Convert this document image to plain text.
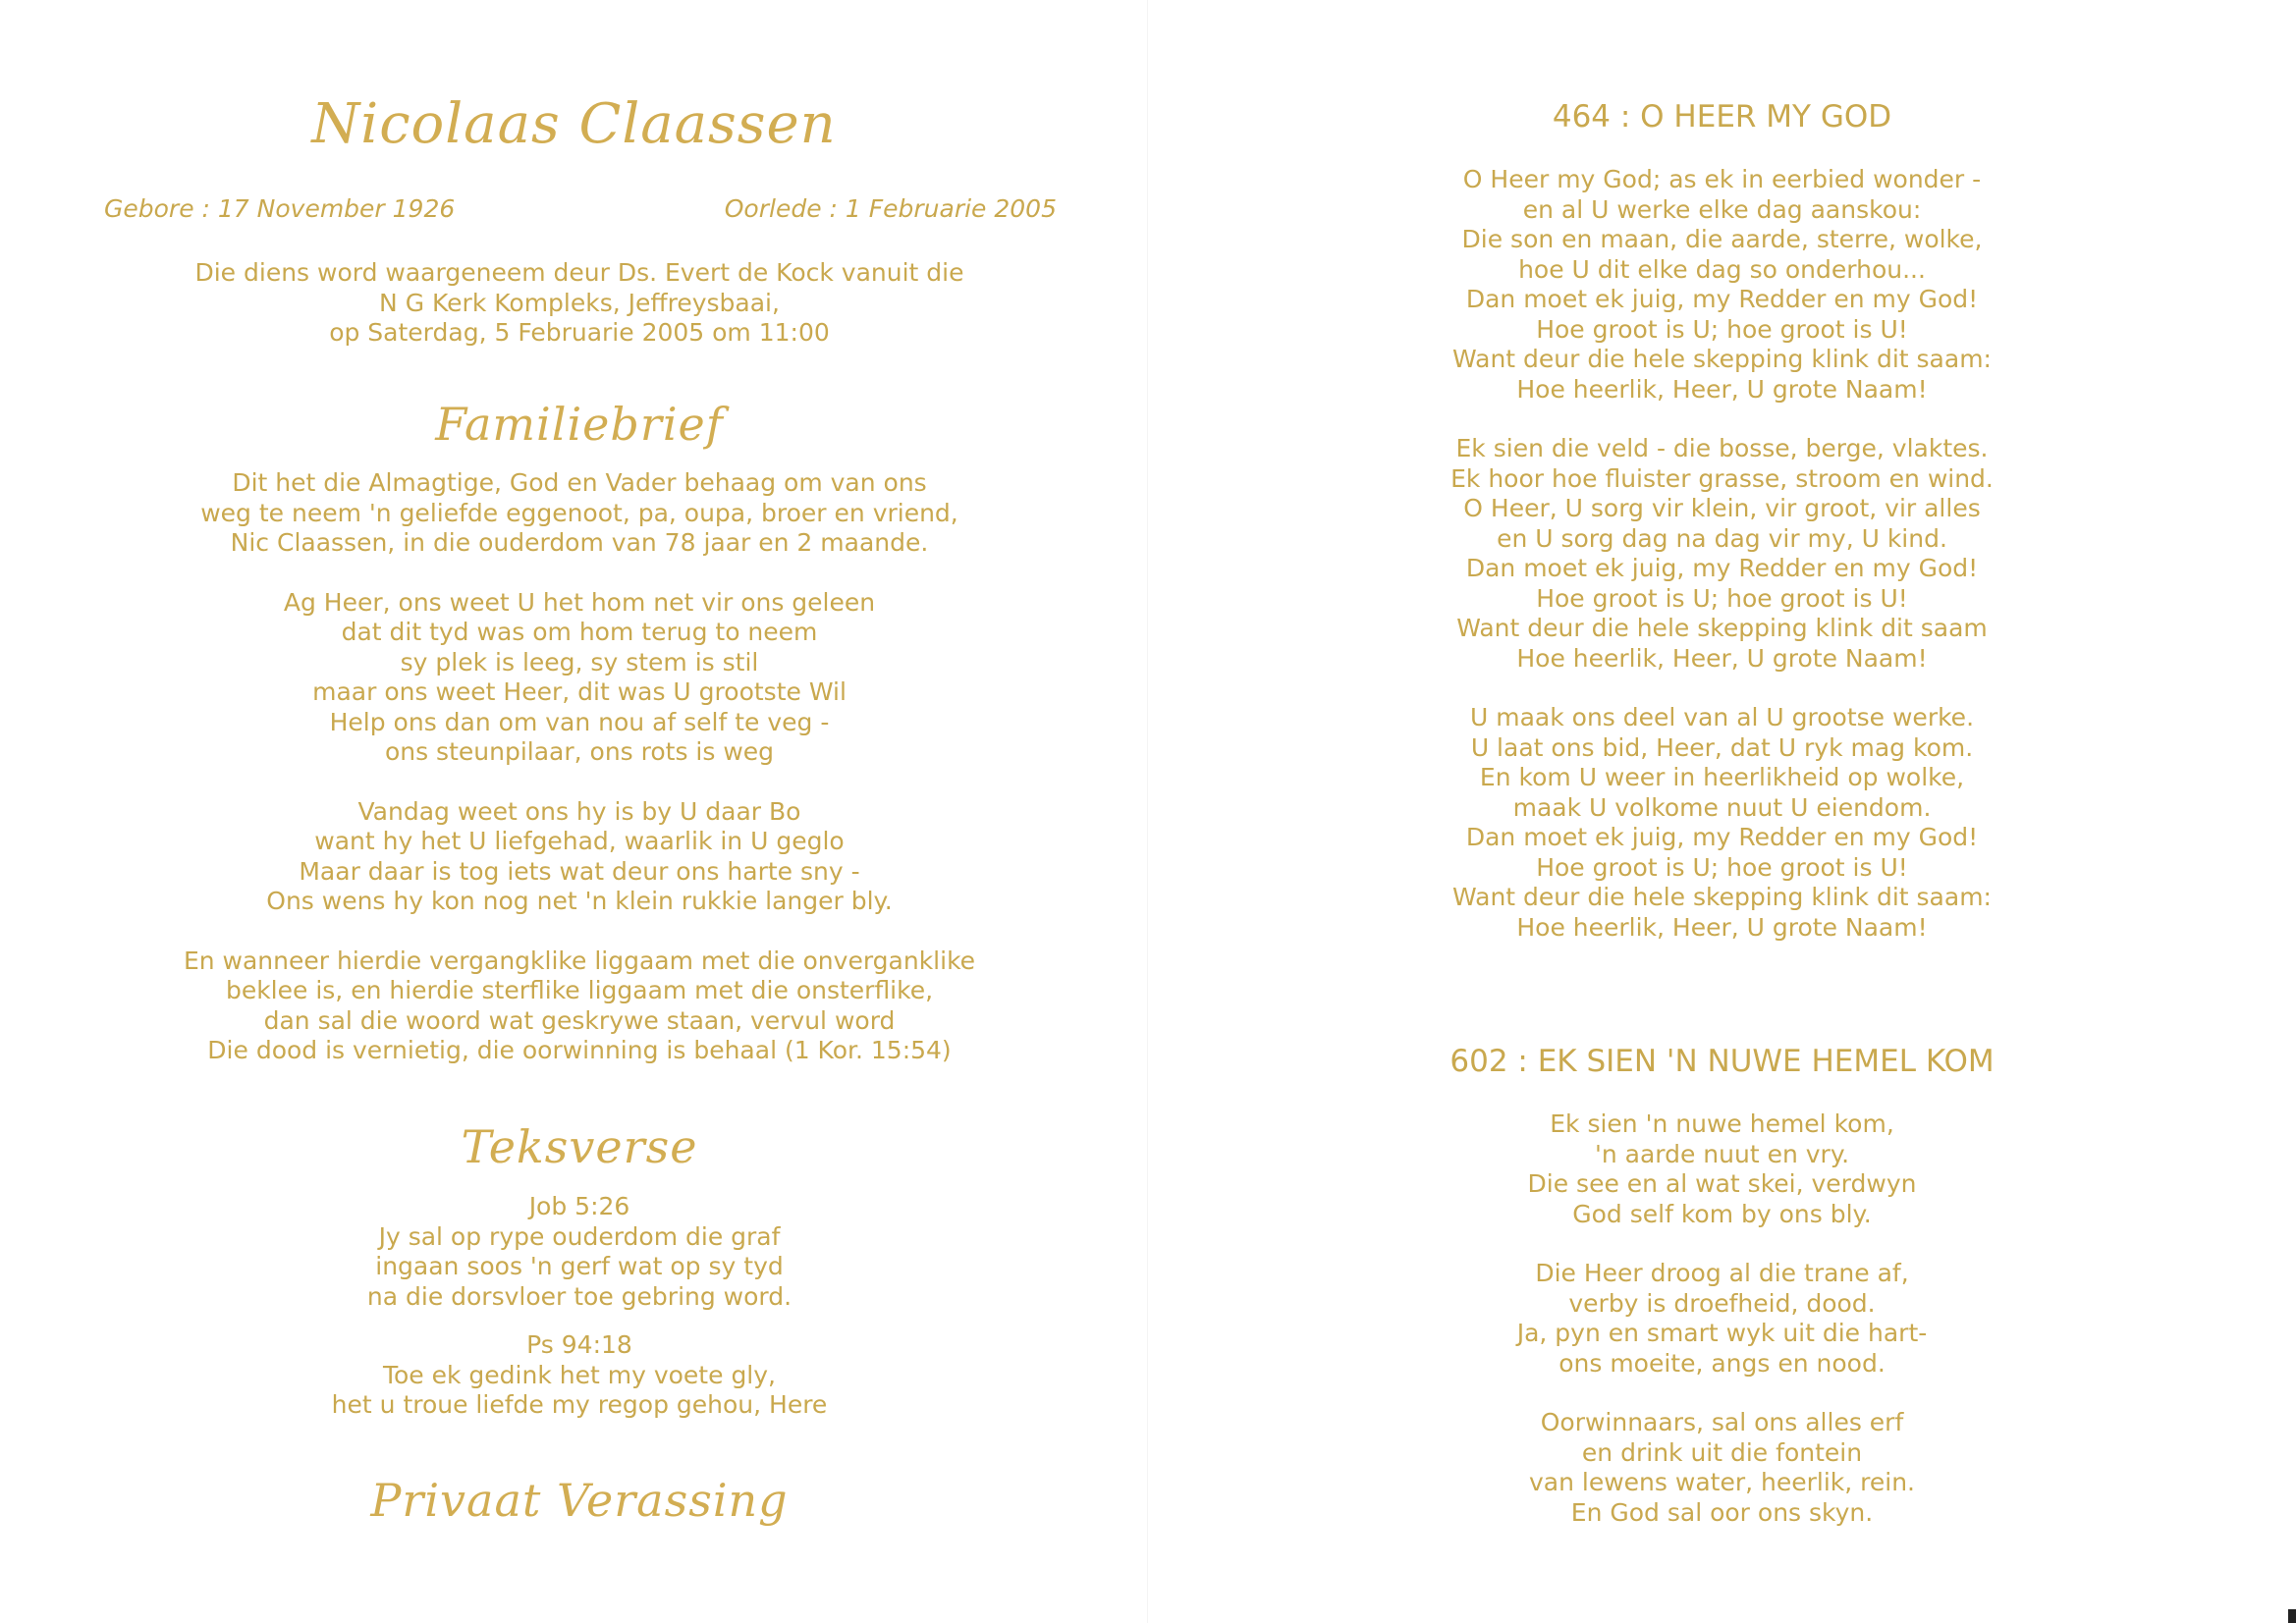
Nicolaas Claassen
Gebore : 17 November 1926	Oorlede : 1 Februarie 2005
Die diens word waargeneem deur Ds. Evert de Kock vanuit die
N G Kerk Kompleks, Jeffreysbaai,
op Saterdag, 5 Februarie 2005 om 11:00
Familiebrief
Dit het die Almagtige, God en Vader behaag om van ons
weg te neem 'n geliefde eggenoot, pa, oupa, broer en vriend,
Nic Claassen, in die ouderdom van 78 jaar en 2 maande.
Ag Heer, ons weet U het hom net vir ons geleen
dat dit tyd was om hom terug to neem
sy plek is leeg, sy stem is stil
maar ons weet Heer, dit was U grootste Wil
Help ons dan om van nou af self te veg -
ons steunpilaar, ons rots is weg
Vandag weet ons hy is by U daar Bo
want hy het U liefgehad, waarlik in U geglo
Maar daar is tog iets wat deur ons harte sny -
Ons wens hy kon nog net 'n klein rukkie langer bly.
En wanneer hierdie vergangklike liggaam met die onverganklike
beklee is, en hierdie sterflike liggaam met die onsterflike,
dan sal die woord wat geskrywe staan, vervul word
Die dood is vernietig, die oorwinning is behaal (1 Kor. 15:54)
Teksverse
Job 5:26
Jy sal op rype ouderdom die graf
ingaan soos 'n gerf wat op sy tyd
na die dorsvloer toe gebring word.
Ps 94:18
Toe ek gedink het my voete gly,
het u troue liefde my regop gehou, Here
Privaat Verassing
464 : O HEER MY GOD
O Heer my God; as ek in eerbied wonder -
en al U werke elke dag aanskou:
Die son en maan, die aarde, sterre, wolke,
hoe U dit elke dag so onderhou...
Dan moet ek juig, my Redder en my God!
Hoe groot is U; hoe groot is U!
Want deur die hele skepping klink dit saam:
Hoe heerlik, Heer, U grote Naam!
Ek sien die veld - die bosse, berge, vlaktes.
Ek hoor hoe fluister grasse, stroom en wind.
O Heer, U sorg vir klein, vir groot, vir alles
en U sorg dag na dag vir my, U kind.
Dan moet ek juig, my Redder en my God!
Hoe groot is U; hoe groot is U!
Want deur die hele skepping klink dit saam
Hoe heerlik, Heer, U grote Naam!
U maak ons deel van al U grootse werke.
U laat ons bid, Heer, dat U ryk mag kom.
En kom U weer in heerlikheid op wolke,
maak U volkome nuut U eiendom.
Dan moet ek juig, my Redder en my God!
Hoe groot is U; hoe groot is U!
Want deur die hele skepping klink dit saam:
Hoe heerlik, Heer, U grote Naam!
602 : EK SIEN 'N NUWE HEMEL KOM
Ek sien 'n nuwe hemel kom,
'n aarde nuut en vry.
Die see en al wat skei, verdwyn
God self kom by ons bly.
Die Heer droog al die trane af,
verby is droefheid, dood.
Ja, pyn en smart wyk uit die hart-
ons moeite, angs en nood.
Oorwinnaars, sal ons alles erf
en drink uit die fontein
van lewens water, heerlik, rein.
En God sal oor ons skyn.
